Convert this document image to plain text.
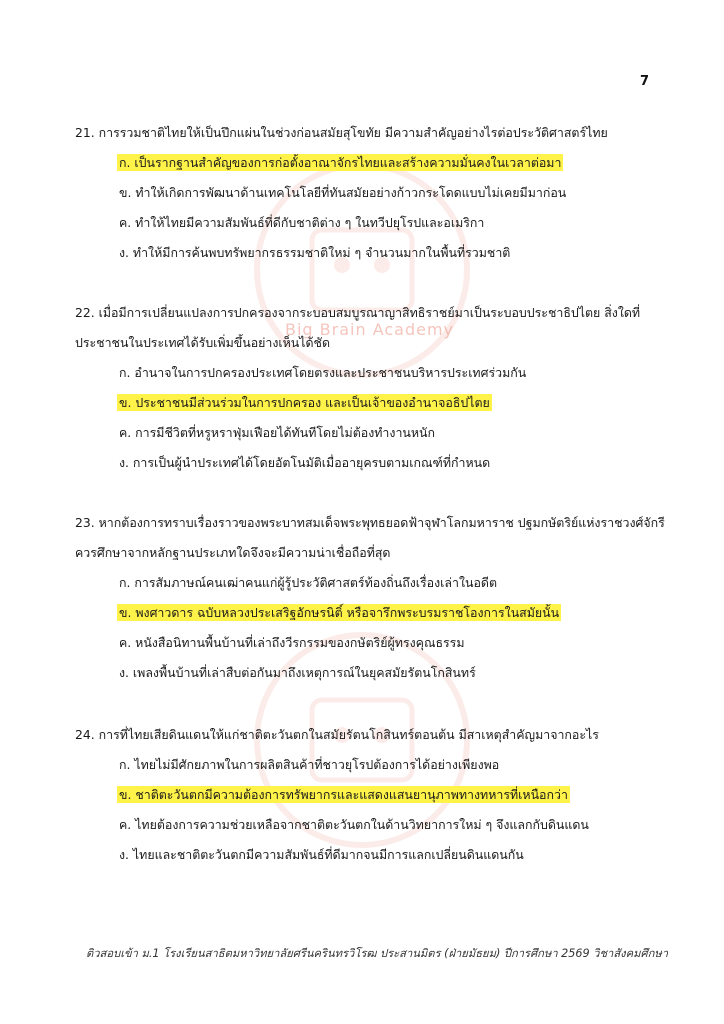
7
Big Brain Academy
21. การรวมชาติไทยให้เป็นปึกแผ่นในช่วงก่อนสมัยสุโขทัย มีความสำคัญอย่างไรต่อประวัติศาสตร์ไทย
ก. เป็นรากฐานสำคัญของการก่อตั้งอาณาจักรไทยและสร้างความมั่นคงในเวลาต่อมา
ข. ทำให้เกิดการพัฒนาด้านเทคโนโลยีที่ทันสมัยอย่างก้าวกระโดดแบบไม่เคยมีมาก่อน
ค. ทำให้ไทยมีความสัมพันธ์ที่ดีกับชาติต่าง ๆ ในทวีปยุโรปและอเมริกา
ง. ทำให้มีการค้นพบทรัพยากรธรรมชาติใหม่ ๆ จำนวนมากในพื้นที่รวมชาติ
22. เมื่อมีการเปลี่ยนแปลงการปกครองจากระบอบสมบูรณาญาสิทธิราชย์มาเป็นระบอบประชาธิปไตย สิ่งใดที่
ประชาชนในประเทศได้รับเพิ่มขึ้นอย่างเห็นได้ชัด
ก. อำนาจในการปกครองประเทศโดยตรงและประชาชนบริหารประเทศร่วมกัน
ข. ประชาชนมีส่วนร่วมในการปกครอง และเป็นเจ้าของอำนาจอธิปไตย
ค. การมีชีวิตที่หรูหราฟุ่มเฟือยได้ทันทีโดยไม่ต้องทำงานหนัก
ง. การเป็นผู้นำประเทศได้โดยอัตโนมัติเมื่ออายุครบตามเกณฑ์ที่กำหนด
23. หากต้องการทราบเรื่องราวของพระบาทสมเด็จพระพุทธยอดฟ้าจุฬาโลกมหาราช ปฐมกษัตริย์แห่งราชวงศ์จักรี
ควรศึกษาจากหลักฐานประเภทใดจึงจะมีความน่าเชื่อถือที่สุด
ก. การสัมภาษณ์คนเฒ่าคนแก่ผู้รู้ประวัติศาสตร์ท้องถิ่นถึงเรื่องเล่าในอดีต
ข. พงศาวดาร ฉบับหลวงประเสริฐอักษรนิติ์ หรือจารึกพระบรมราชโองการในสมัยนั้น
ค. หนังสือนิทานพื้นบ้านที่เล่าถึงวีรกรรมของกษัตริย์ผู้ทรงคุณธรรม
ง. เพลงพื้นบ้านที่เล่าสืบต่อกันมาถึงเหตุการณ์ในยุคสมัยรัตนโกสินทร์
24. การที่ไทยเสียดินแดนให้แก่ชาติตะวันตกในสมัยรัตนโกสินทร์ตอนต้น มีสาเหตุสำคัญมาจากอะไร
ก. ไทยไม่มีศักยภาพในการผลิตสินค้าที่ชาวยุโรปต้องการได้อย่างเพียงพอ
ข. ชาติตะวันตกมีความต้องการทรัพยากรและแสดงแสนยานุภาพทางทหารที่เหนือกว่า
ค. ไทยต้องการความช่วยเหลือจากชาติตะวันตกในด้านวิทยาการใหม่ ๆ จึงแลกกับดินแดน
ง. ไทยและชาติตะวันตกมีความสัมพันธ์ที่ดีมากจนมีการแลกเปลี่ยนดินแดนกัน
ติวสอบเข้า ม.1 โรงเรียนสาธิตมหาวิทยาลัยศรีนครินทรวิโรฒ ประสานมิตร (ฝ่ายมัธยม) ปีการศึกษา 2569 วิชาสังคมศึกษา
